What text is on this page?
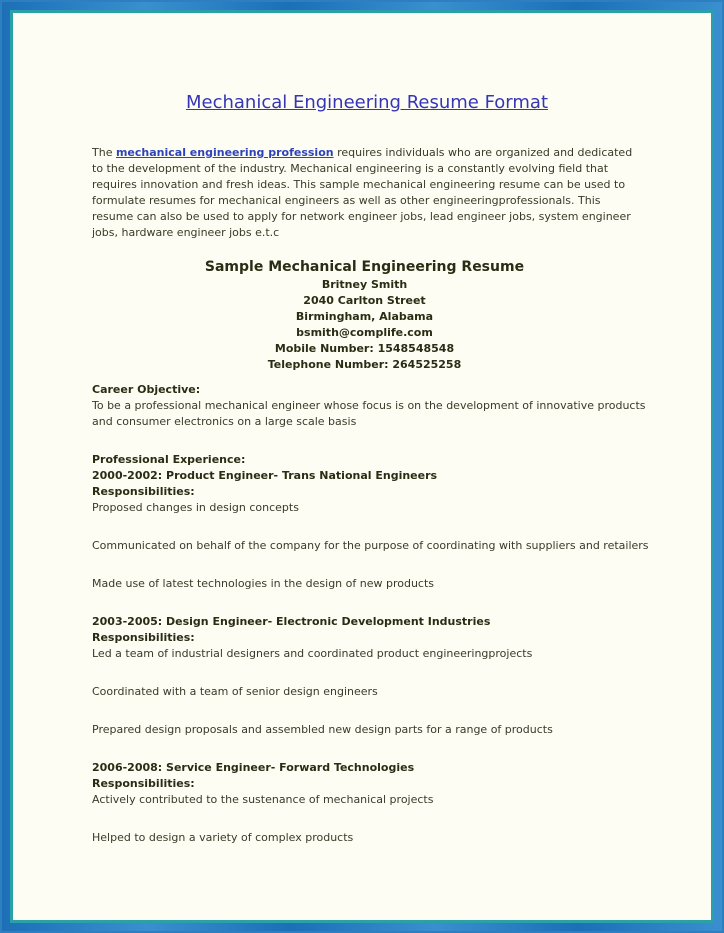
Mechanical Engineering Resume Format
The mechanical engineering profession requires individuals who are organized and dedicated to the development of the industry. Mechanical engineering is a constantly evolving field that requires innovation and fresh ideas. This sample mechanical engineering resume can be used to formulate resumes for mechanical engineers as well as other engineeringprofessionals. This resume can also be used to apply for network engineer jobs, lead engineer jobs, system engineer jobs, hardware engineer jobs e.t.c
Sample Mechanical Engineering Resume
Britney Smith
2040 Carlton Street
Birmingham, Alabama
bsmith@complife.com
Mobile Number: 1548548548
Telephone Number: 264525258
Career Objective:
To be a professional mechanical engineer whose focus is on the development of innovative products and consumer electronics on a large scale basis
Professional Experience:
2000-2002: Product Engineer- Trans National Engineers
Responsibilities:
Proposed changes in design concepts
Communicated on behalf of the company for the purpose of coordinating with suppliers and retailers
Made use of latest technologies in the design of new products
2003-2005: Design Engineer- Electronic Development Industries
Responsibilities:
Led a team of industrial designers and coordinated product engineeringprojects
Coordinated with a team of senior design engineers
Prepared design proposals and assembled new design parts for a range of products
2006-2008: Service Engineer- Forward Technologies
Responsibilities:
Actively contributed to the sustenance of mechanical projects
Helped to design a variety of complex products
